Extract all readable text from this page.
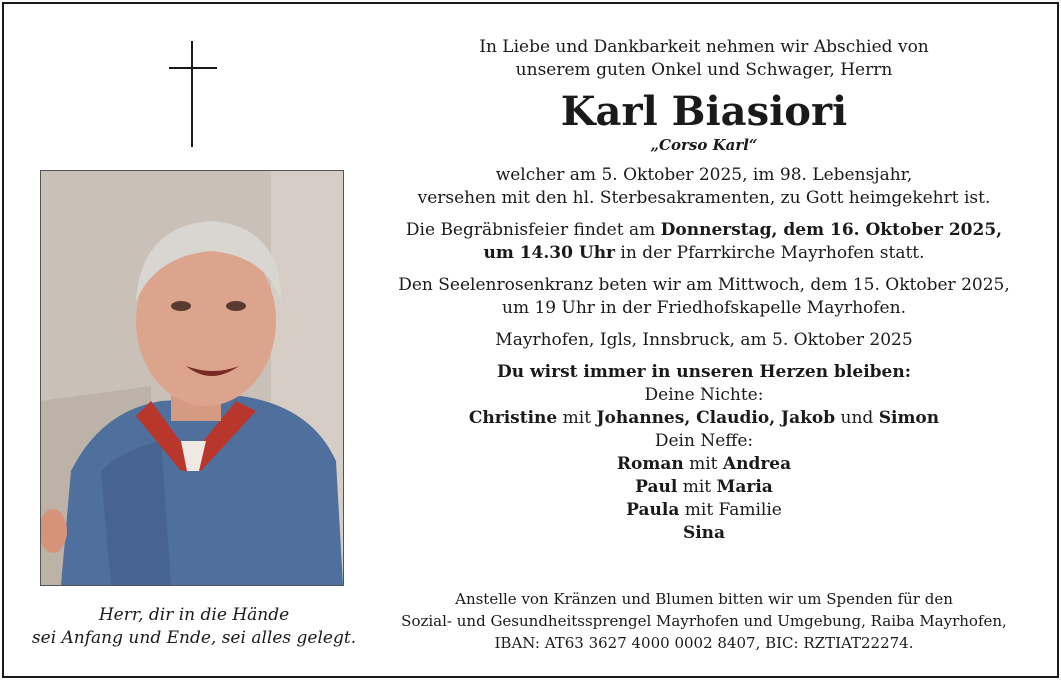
Herr, dir in die Hände
sei Anfang und Ende, sei alles gelegt.

In Liebe und Dankbarkeit nehmen wir Abschied von

unserem guten Onkel und Schwager, Herrn

Karl Biasiori

„Corso Karl“

welcher am 5. Oktober 2025, im 98. Lebensjahr,

versehen mit den hl. Sterbesakramenten, zu Gott heimgekehrt ist.

Die Begräbnisfeier findet am Donnerstag, dem 16. Oktober 2025,

um 14.30 Uhr in der Pfarrkirche Mayrhofen statt.

Den Seelenrosenkranz beten wir am Mittwoch, dem 15. Oktober 2025,

um 19 Uhr in der Friedhofskapelle Mayrhofen.

Mayrhofen, Igls, Innsbruck, am 5. Oktober 2025

Du wirst immer in unseren Herzen bleiben:

Deine Nichte:

Christine mit Johannes, Claudio, Jakob und Simon

Dein Neffe:

Roman mit Andrea

Paul mit Maria

Paula mit Familie

Sina

Anstelle von Kränzen und Blumen bitten wir um Spenden für den

Sozial- und Gesundheitssprengel Mayrhofen und Umgebung, Raiba Mayrhofen,

IBAN: AT63 3627 4000 0002 8407, BIC: RZTIAT22274.
